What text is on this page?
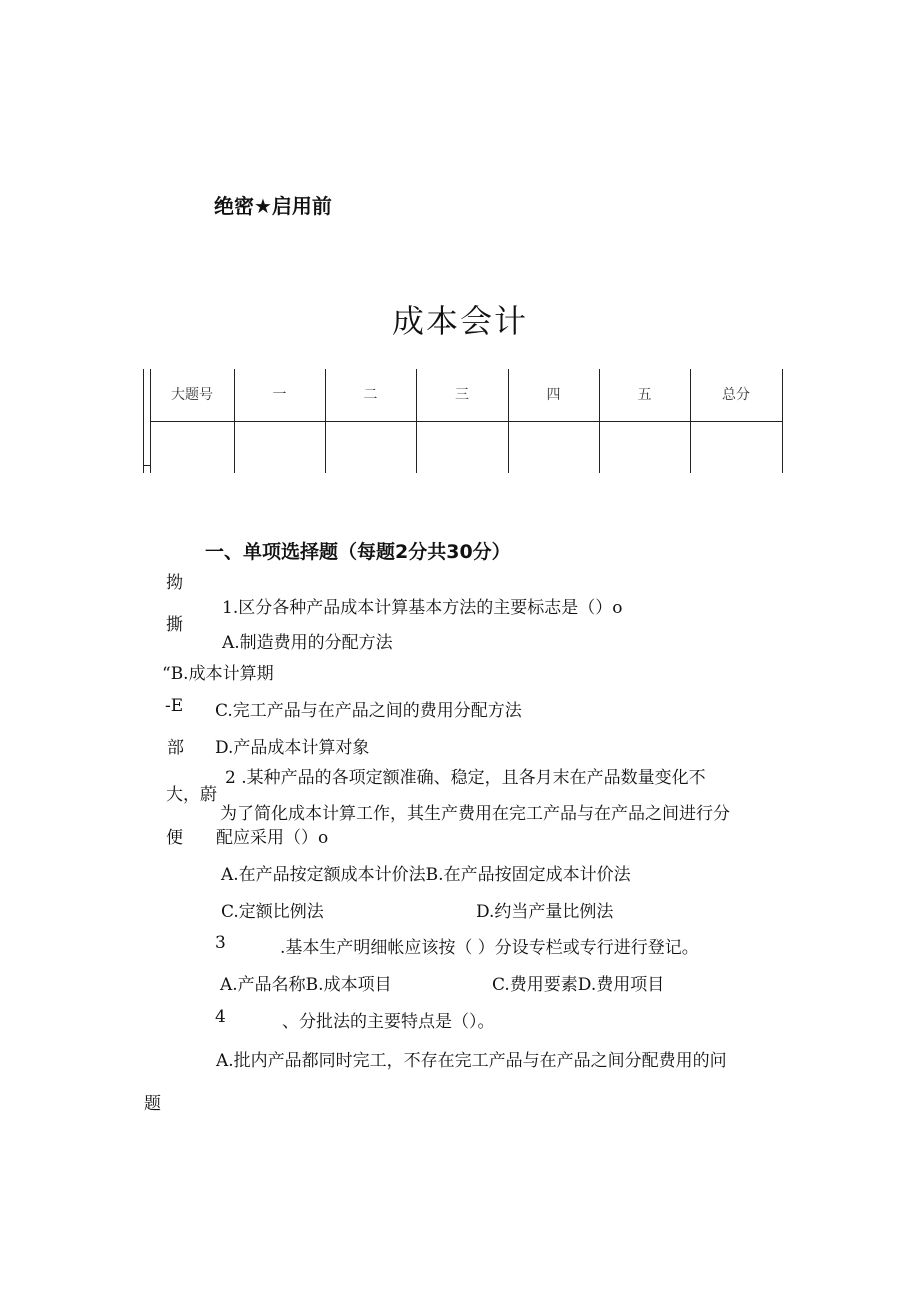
绝密★启用前
成本会计
大题号	一	二	三	四	五	总分
一、单项选择题（每题2分共30分）
拗
撕
“B.成本计算期
-E
部
大，蔚
便
1.区分各种产品成本计算基本方法的主要标志是（）o
A.制造费用的分配方法
C.完工产品与在产品之间的费用分配方法
D.产品成本计算对象
2 .某种产品的各项定额准确、稳定，且各月末在产品数量变化不
为了简化成本计算工作，其生产费用在完工产品与在产品之间进行分
配应采用（）o
A.在产品按定额成本计价法B.在产品按固定成本计价法
C.定额比例法	D.约当产量比例法
3	.基本生产明细帐应该按（ ）分设专栏或专行进行登记。
A.产品名称B.成本项目	C.费用要素D.费用项目
4	、分批法的主要特点是（）。
A.批内产品都同时完工，不存在完工产品与在产品之间分配费用的问
题
